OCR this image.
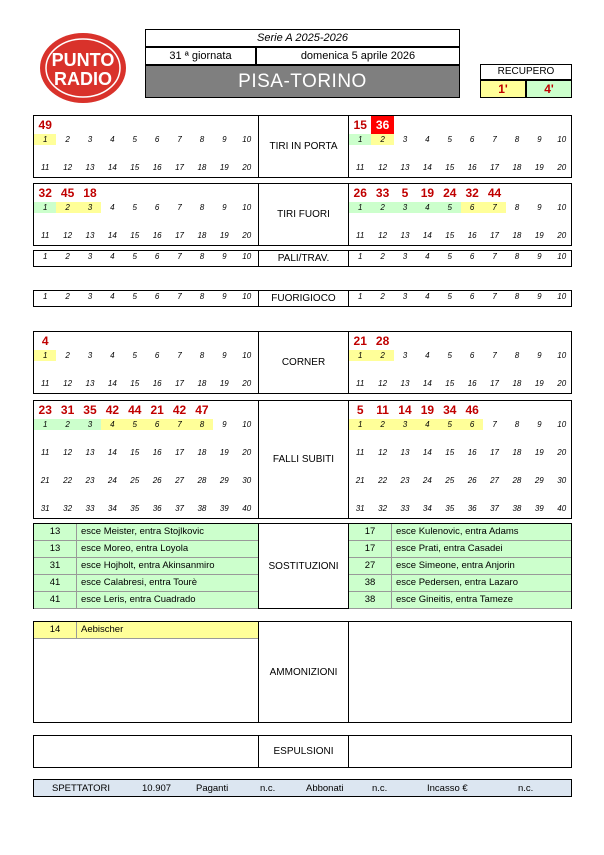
PUNTO
RADIO
Serie A 2025-2026
31 ª giornata	domenica 5 aprile 2026
PISA-TORINO	RECUPERO
1'	4'
TIRI IN PORTA
49
1	2	3	4	5	6	7	8	9	10
11	12	13	14	15	16	17	18	19	20
15 36
1	2	3	4	5	6	7	8	9	10
11	12	13	14	15	16	17	18	19	20
TIRI FUORI
32 45 18
1	2	3	4	5	6	7	8	9	10
11	12	13	14	15	16	17	18	19	20
26 33	5	19 24 32 44
1	2	3	4	5	6	7	8	9	10
11	12	13	14	15	16	17	18	19	20
PALI/TRAV.
1	2	3	4	5	6	7	8	9	10	1	2	3	4	5	6	7	8	9	10
FUORIGIOCO
1	2	3	4	5	6	7	8	9	10	1	2	3	4	5	6	7	8	9	10
CORNER
4
1	2	3	4	5	6	7	8	9	10
11	12	13	14	15	16	17	18	19	20
21 28
1	2	3	4	5	6	7	8	9	10
11	12	13	14	15	16	17	18	19	20
FALLI SUBITI
23 31 35 42 44 21 42 47
1	2	3	4	5	6	7	8	9	10
11	12	13	14	15	16	17	18	19	20
21	22	23	24	25	26	27	28	29	30
31	32	33	34	35	36	37	38	39	40
5	11 14 19 34 46
1	2	3	4	5	6	7	8	9	10
11	12	13	14	15	16	17	18	19	20
21	22	23	24	25	26	27	28	29	30
31	32	33	34	35	36	37	38	39	40
SOSTITUZIONI
13	esce Meister, entra Stojlkovic
13	esce Moreo, entra Loyola
31	esce Hojholt, entra Akinsanmiro
41	esce Calabresi, entra Tourè
41	esce Leris, entra Cuadrado
17	esce Kulenovic, entra Adams
17	esce Prati, entra Casadei
27	esce Simeone, entra Anjorin
38	esce Pedersen, entra Lazaro
38	esce Gineitis, entra Tameze
AMMONIZIONI
14	Aebischer
ESPULSIONI
SPETTATORI	10.907	Paganti	n.c.	Abbonati	n.c.	Incasso €	n.c.
